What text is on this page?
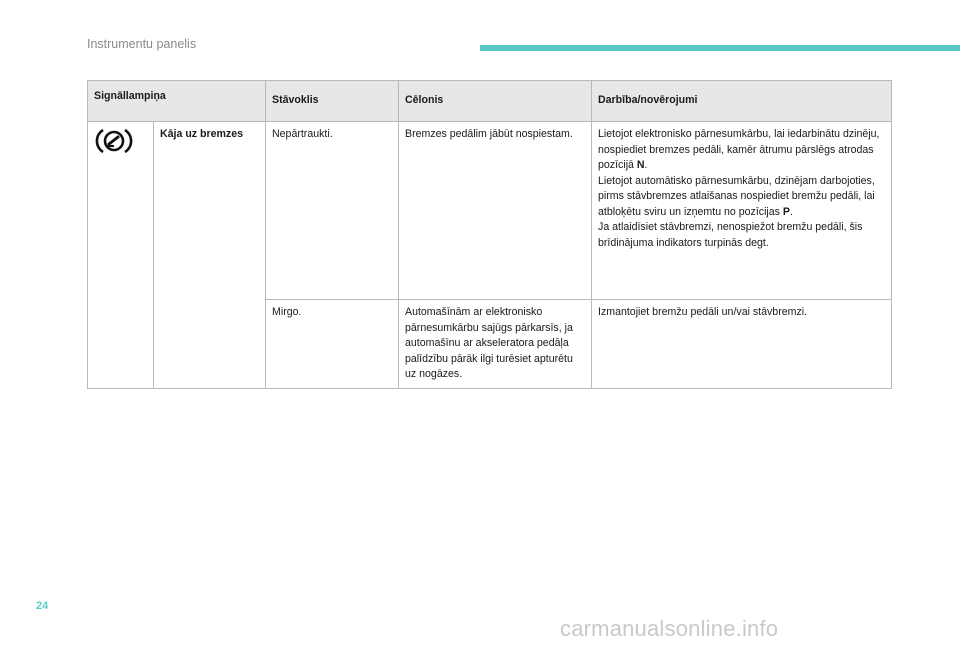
Instrumentu panelis
Signāllampiņa		Stāvoklis	Cēlonis	Darbība/novērojumi
	Kāja uz bremzes	Nepārtraukti.	Bremzes pedālim jābūt nospiestam.	Lietojot elektronisko pārnesumkārbu, lai iedarbinātu dzinēju, nospiediet bremzes pedāli, kamēr ātrumu pārslēgs atrodas pozīcijā N.
Lietojot automātisko pārnesumkārbu, dzinējam darbojoties, pirms stāvbremzes atlaišanas nospiediet bremžu pedāli, lai atbloķētu sviru un izņemtu no pozīcijas P.
Ja atlaidīsiet stāvbremzi, nenospiežot bremžu pedāli, šis brīdinājuma indikators turpinās degt.

		Mirgo.	Automašīnām ar elektronisko pārnesumkārbu sajūgs pārkarsīs, ja automašīnu ar akseleratora pedāļa palīdzību pārāk ilgi turēsiet apturētu uz nogāzes.	Izmantojiet bremžu pedāli un/vai stāvbremzi.
24
carmanualsonline.info
